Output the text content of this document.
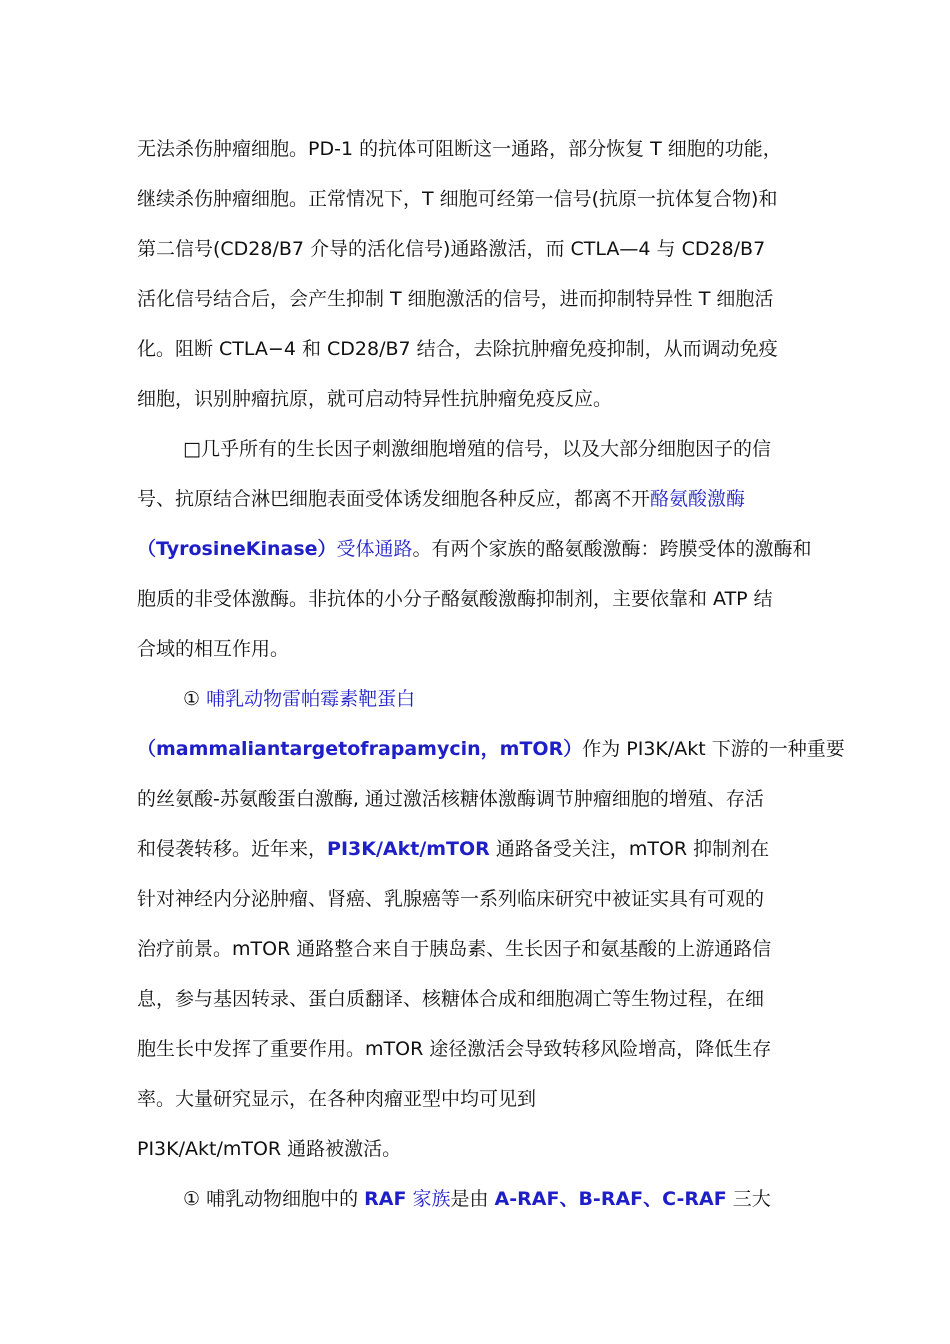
无法杀伤肿瘤细胞。PD-1 的抗体可阻断这一通路，部分恢复 T 细胞的功能，
继续杀伤肿瘤细胞。正常情况下，T 细胞可经第一信号(抗原一抗体复合物)和
第二信号(CD28/B7 介导的活化信号)通路激活，而 CTLA—4 与 CD28/B7
活化信号结合后，会产生抑制 T 细胞激活的信号，进而抑制特异性 T 细胞活
化。阻断 CTLA−4 和 CD28/B7 结合，去除抗肿瘤免疫抑制，从而调动免疫
细胞，识别肿瘤抗原，就可启动特异性抗肿瘤免疫反应。
□几乎所有的生长因子刺激细胞增殖的信号，以及大部分细胞因子的信
号、抗原结合淋巴细胞表面受体诱发细胞各种反应，都离不开酪氨酸激酶
（TyrosineKinase）受体通路。有两个家族的酪氨酸激酶：跨膜受体的激酶和
胞质的非受体激酶。非抗体的小分子酪氨酸激酶抑制剂，主要依靠和 ATP 结
合域的相互作用。
① 哺乳动物雷帕霉素靶蛋白
（mammaliantargetofrapamycin，mTOR）作为 PI3K/Akt 下游的一种重要
的丝氨酸-苏氨酸蛋白激酶, 通过激活核糖体激酶调节肿瘤细胞的增殖、存活
和侵袭转移。近年来，PI3K/Akt/mTOR 通路备受关注，mTOR 抑制剂在
针对神经内分泌肿瘤、肾癌、乳腺癌等一系列临床研究中被证实具有可观的
治疗前景。mTOR 通路整合来自于胰岛素、生长因子和氨基酸的上游通路信
息，参与基因转录、蛋白质翻译、核糖体合成和细胞凋亡等生物过程，在细
胞生长中发挥了重要作用。mTOR 途径激活会导致转移风险增高，降低生存
率。大量研究显示，在各种肉瘤亚型中均可见到
PI3K/Akt/mTOR 通路被激活。
① 哺乳动物细胞中的 RAF 家族是由 A-RAF、B-RAF、C-RAF 三大
